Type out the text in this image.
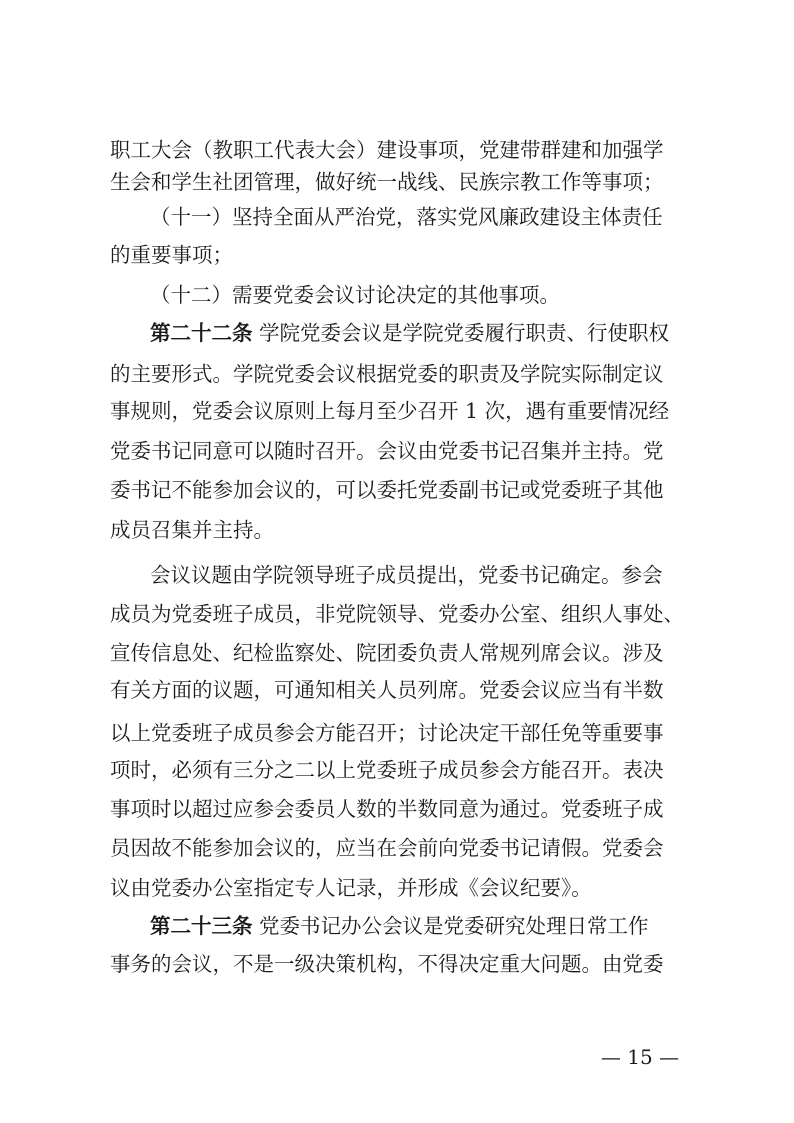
职工大会（教职工代表大会）建设事项，党建带群建和加强学
生会和学生社团管理，做好统一战线、民族宗教工作等事项；
（十一）坚持全面从严治党，落实党风廉政建设主体责任
的重要事项；
（十二）需要党委会议讨论决定的其他事项。
第二十二条 学院党委会议是学院党委履行职责、行使职权
的主要形式。学院党委会议根据党委的职责及学院实际制定议
事规则，党委会议原则上每月至少召开 1 次，遇有重要情况经
党委书记同意可以随时召开。会议由党委书记召集并主持。党
委书记不能参加会议的，可以委托党委副书记或党委班子其他
成员召集并主持。
会议议题由学院领导班子成员提出，党委书记确定。参会
成员为党委班子成员，非党院领导、党委办公室、组织人事处、
宣传信息处、纪检监察处、院团委负责人常规列席会议。涉及
有关方面的议题，可通知相关人员列席。党委会议应当有半数
以上党委班子成员参会方能召开；讨论决定干部任免等重要事
项时，必须有三分之二以上党委班子成员参会方能召开。表决
事项时以超过应参会委员人数的半数同意为通过。党委班子成
员因故不能参加会议的，应当在会前向党委书记请假。党委会
议由党委办公室指定专人记录，并形成《会议纪要》。
第二十三条 党委书记办公会议是党委研究处理日常工作
事务的会议，不是一级决策机构，不得决定重大问题。由党委
— 15 —
